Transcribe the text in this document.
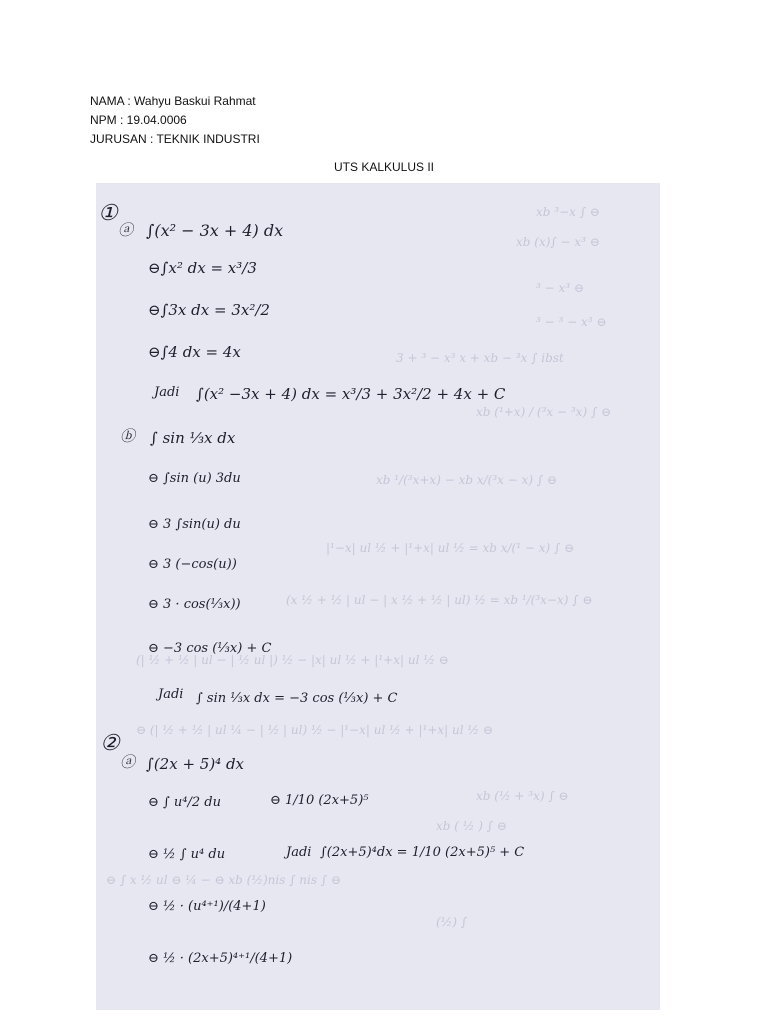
NAMA : Wahyu Baskui Rahmat
NPM : 19.04.0006
JURUSAN : TEKNIK INDUSTRI
UTS KALKULUS II
xb ³−x ∫ ⊖
xb (x)∫ − x³ ⊖
³ − x³ ⊖
³ − ³ − x³ ⊖
3 + ³ − x³ x + xb − ³x ∫ ibst
xb (¹+x) / (³x − ³x) ∫ ⊖
xb ¹/(³x+x) − xb x/(³x − x) ∫ ⊖
|¹−x| ul ½ + |¹+x| ul ½ = xb x/(¹ − x) ∫ ⊖
(x ½ + ½ | ul − | x ½ + ½ | ul) ½ = xb ¹/(³x−x) ∫ ⊖
(| ½ + ½ | ul − | ½ ul |) ½ − |x| ul ½ + |¹+x| ul ½ ⊖
⊖ (| ½ + ½ | ul ¼ − | ½ | ul) ½ − |¹−x| ul ½ + |¹+x| ul ½ ⊖
xb (½ + ³x) ∫ ⊖
xb ( ½ ) ∫ ⊖
⊖ ∫ x ½ ul ⊖ ¼ − ⊖ xb (½)nis ∫ nis ∫ ⊖
(½) ∫
①
ⓐ ∫(x² − 3x + 4) dx
⊖∫x² dx = x³/3
⊖∫3x dx = 3x²/2
⊖∫4 dx = 4x
Jadi ∫(x² −3x + 4) dx = x³/3 + 3x²/2 + 4x + C
ⓑ ∫ sin ⅓x dx
⊖ ∫sin (u) 3du
⊖ 3 ∫sin(u) du
⊖ 3 (−cos(u))
⊖ 3 · cos(⅓x))
⊖ −3 cos (⅓x) + C
Jadi ∫ sin ⅓x dx = −3 cos (⅓x) + C
②
ⓐ ∫(2x + 5)⁴ dx
⊖ ∫ u⁴/2 du	⊖ 1/10 (2x+5)⁵
⊖ ½ ∫ u⁴ du	Jadi ∫(2x+5)⁴dx = 1/10 (2x+5)⁵ + C
⊖ ½ · (u⁴⁺¹)/(4+1)
⊖ ½ · (2x+5)⁴⁺¹/(4+1)
